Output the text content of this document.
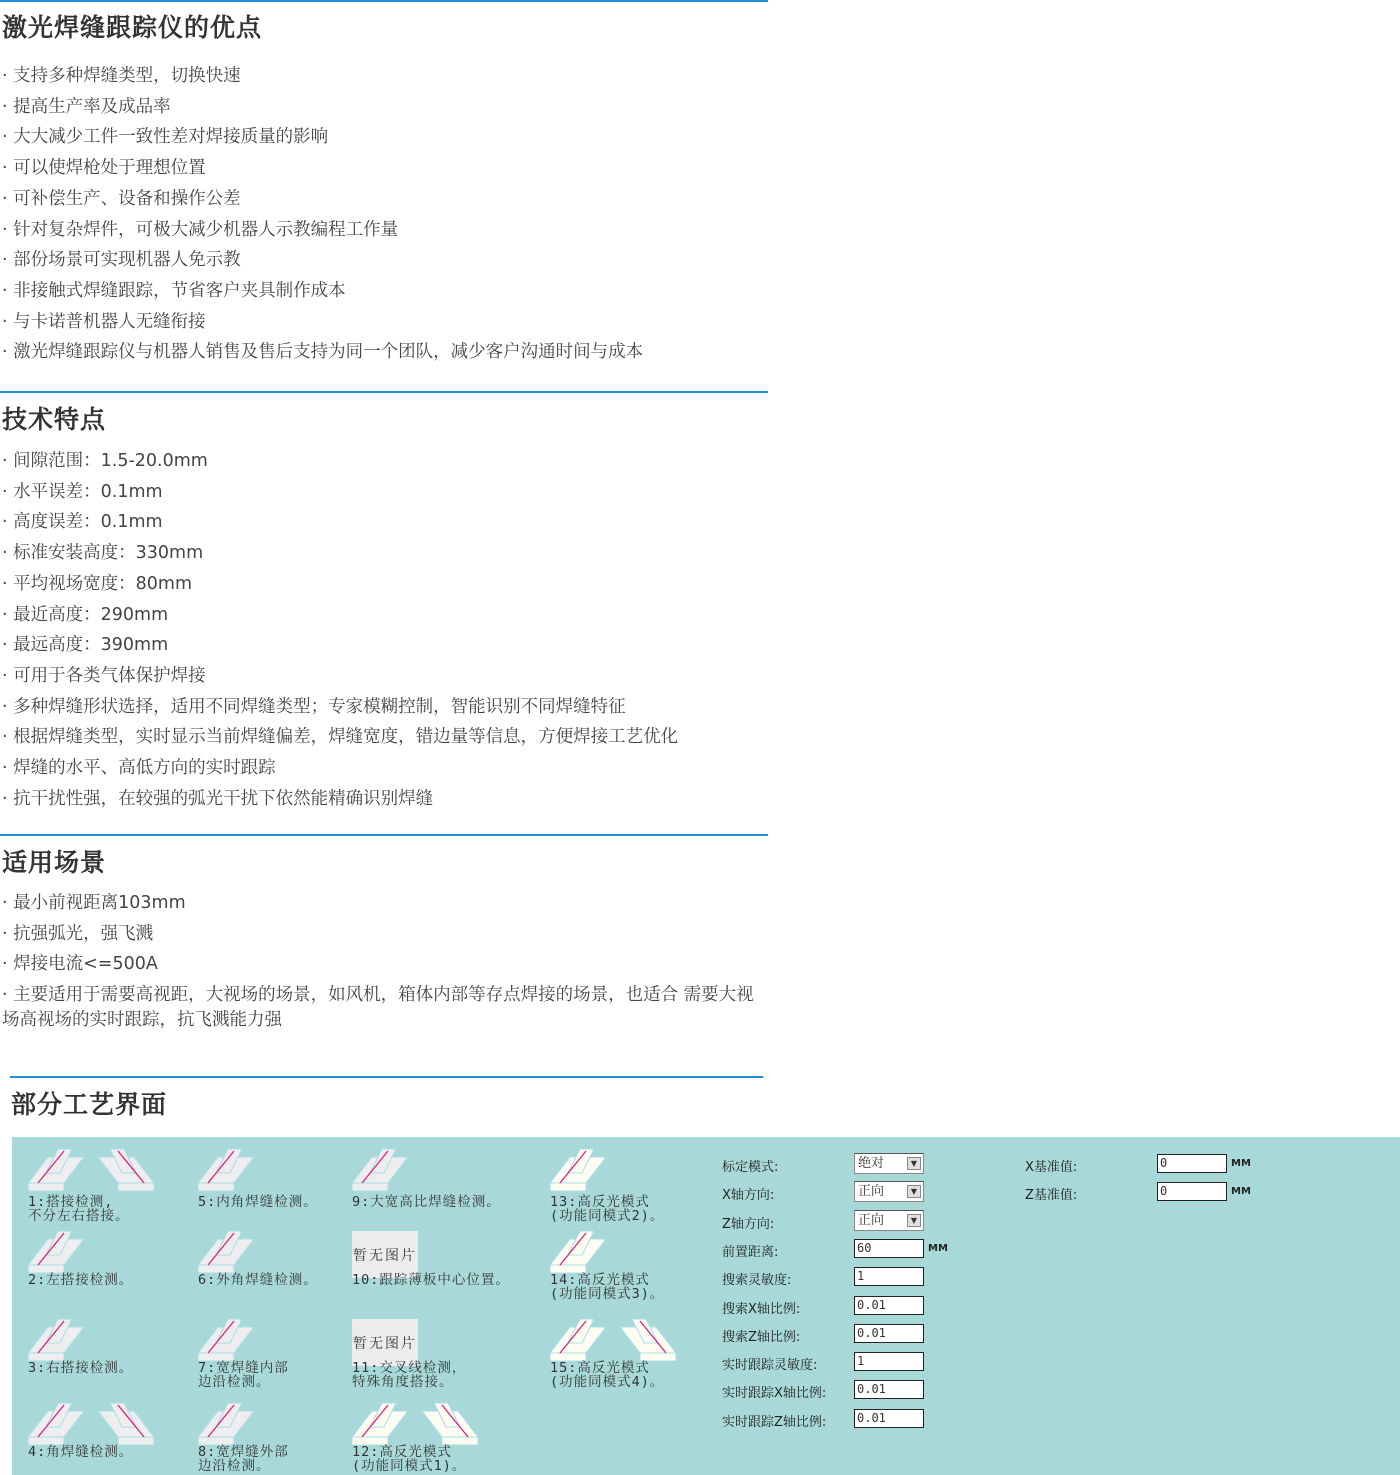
激光焊缝跟踪仪的优点
· 支持多种焊缝类型，切换快速
· 提高生产率及成品率
· 大大减少工件一致性差对焊接质量的影响
· 可以使焊枪处于理想位置
· 可补偿生产、设备和操作公差
· 针对复杂焊件，可极大减少机器人示教编程工作量
· 部份场景可实现机器人免示教
· 非接触式焊缝跟踪，节省客户夹具制作成本
· 与卡诺普机器人无缝衔接
· 激光焊缝跟踪仪与机器人销售及售后支持为同一个团队，减少客户沟通时间与成本
技术特点
· 间隙范围：1.5-20.0mm
· 水平误差：0.1mm
· 高度误差：0.1mm
· 标准安装高度：330mm
· 平均视场宽度：80mm
· 最近高度：290mm
· 最远高度：390mm
· 可用于各类气体保护焊接
· 多种焊缝形状选择，适用不同焊缝类型；专家模糊控制，智能识别不同焊缝特征
· 根据焊缝类型，实时显示当前焊缝偏差，焊缝宽度，错边量等信息，方便焊接工艺优化
· 焊缝的水平、高低方向的实时跟踪
· 抗干扰性强，在较强的弧光干扰下依然能精确识别焊缝
适用场景
· 最小前视距离103mm
· 抗强弧光，强飞溅
· 焊接电流<=500A
· 主要适用于需要高视距，大视场的场景，如风机，箱体内部等存点焊接的场景，也适合 需要大视场高视场的实时跟踪，抗飞溅能力强
部分工艺界面
1:搭接检测,
不分左右搭接。
2:左搭接检测。
3:右搭接检测。
4:角焊缝检测。
5:内角焊缝检测。
6:外角焊缝检测。
7:宽焊缝内部
边沿检测。
8:宽焊缝外部
边沿检测。
9:大宽高比焊缝检测。
暂无图片
10:跟踪薄板中心位置。
暂无图片
11:交叉线检测，
特殊角度搭接。
12:高反光模式
(功能同模式1)。
13:高反光模式
(功能同模式2)。
14:高反光模式
(功能同模式3)。
15:高反光模式
(功能同模式4)。
标定模式:	绝对	▼
X轴方向:	正向	▼
Z轴方向:	正向	▼
前置距离:	60	MM
搜索灵敏度:	1
搜索X轴比例:	0.01
搜索Z轴比例:	0.01
实时跟踪灵敏度:	1
实时跟踪X轴比例:	0.01
实时跟踪Z轴比例:	0.01
X基准值:	0	MM
Z基准值:	0	MM
